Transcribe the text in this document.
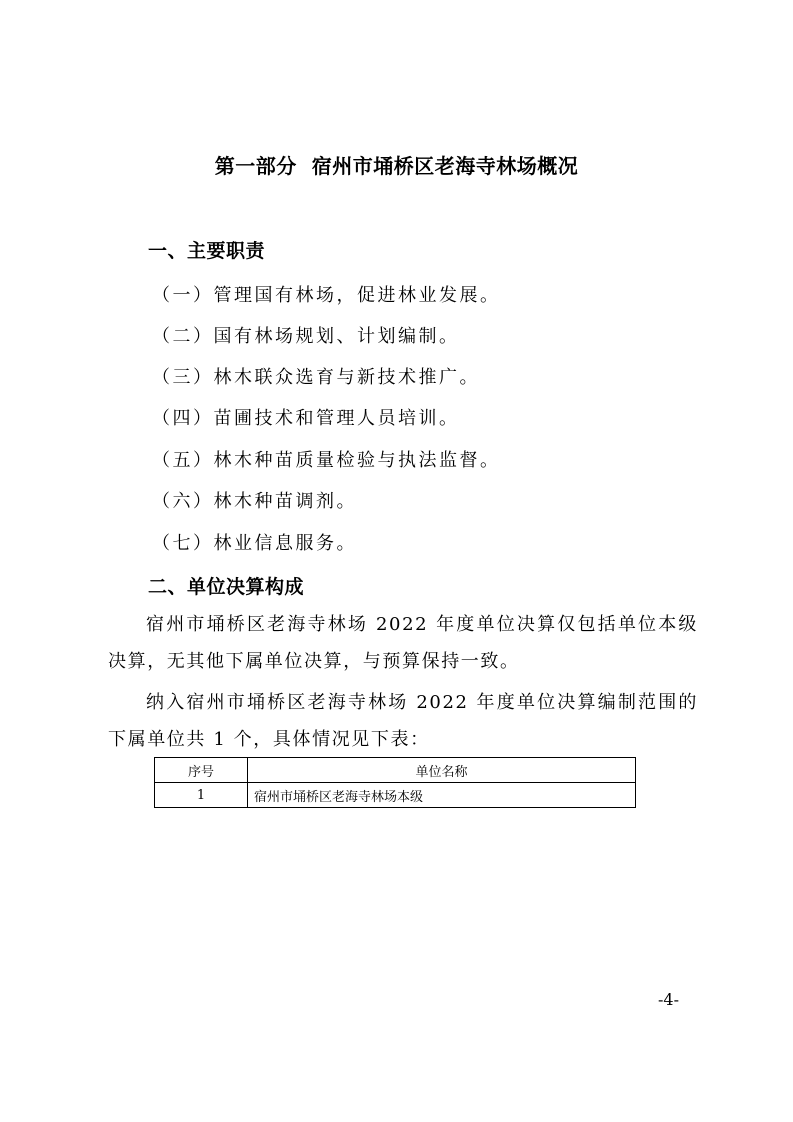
第一部分  宿州市埇桥区老海寺林场概况
一、主要职责
（一）管理国有林场，促进林业发展。
（二）国有林场规划、计划编制。
（三）林木联众选育与新技术推广。
（四）苗圃技术和管理人员培训。
（五）林木种苗质量检验与执法监督。
（六）林木种苗调剂。
（七）林业信息服务。
二、单位决算构成
宿州市埇桥区老海寺林场 2022 年度单位决算仅包括单位本级决算，无其他下属单位决算，与预算保持一致。
纳入宿州市埇桥区老海寺林场 2022 年度单位决算编制范围的下属单位共 1 个，具体情况见下表：
序号	单位名称
1	宿州市埇桥区老海寺林场本级
-4-
